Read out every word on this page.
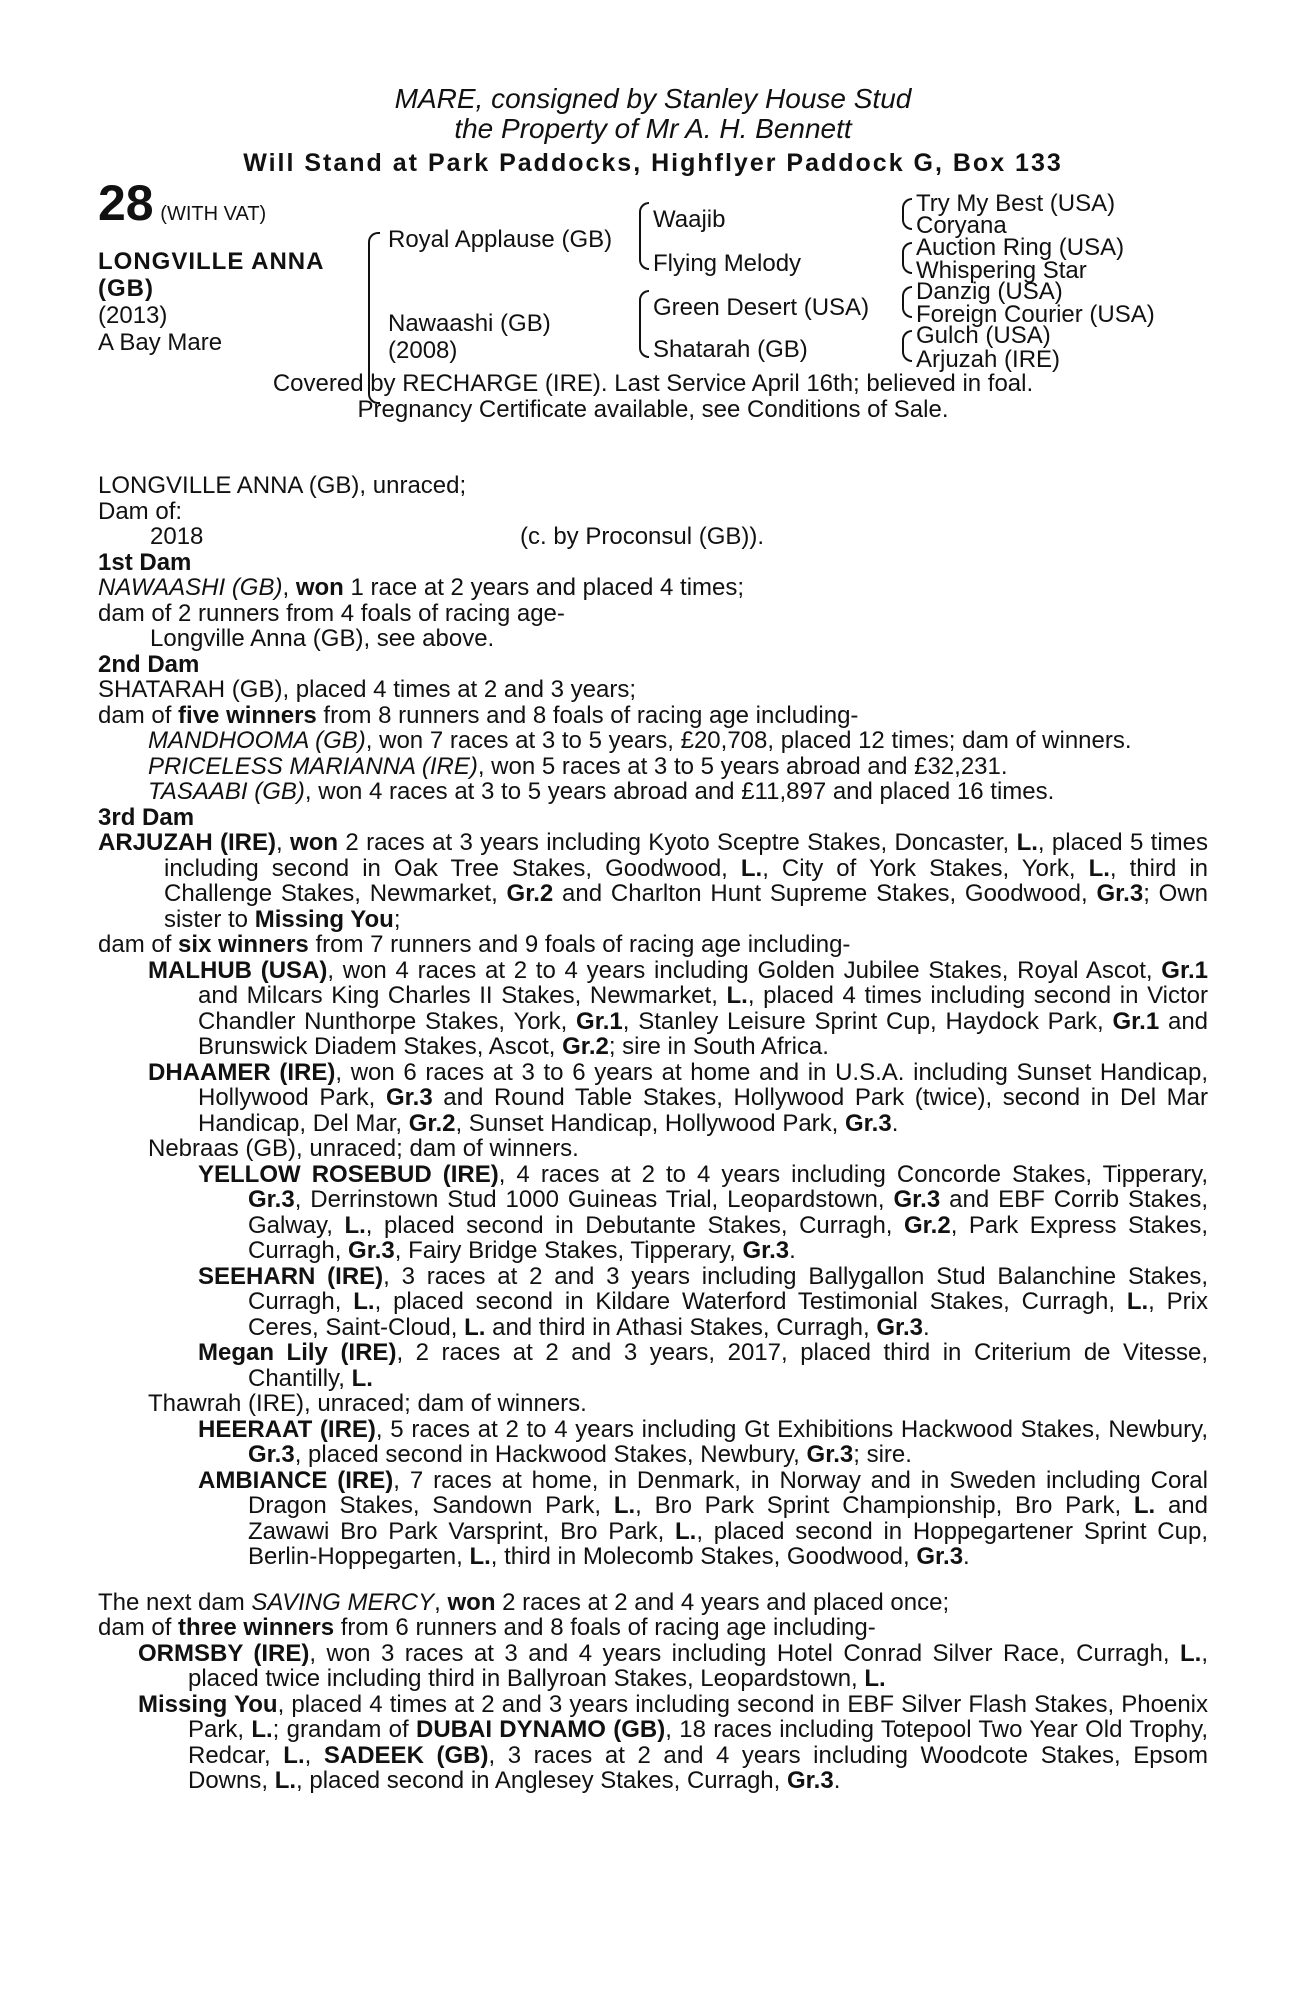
MARE, consigned by Stanley House Stud
the Property of Mr A. H. Bennett
Will Stand at Park Paddocks, Highflyer Paddock G, Box 133
28 (WITH VAT)
LONGVILLE ANNA
(GB)
(2013)
A Bay Mare
Royal Applause (GB)
Nawaashi (GB)
(2008)
Waajib
Flying Melody
Green Desert (USA)
Shatarah (GB)
Try My Best (USA)
Coryana
Auction Ring (USA)
Whispering Star
Danzig (USA)
Foreign Courier (USA)
Gulch (USA)
Arjuzah (IRE)
Covered by RECHARGE (IRE). Last Service April 16th; believed in foal.
Pregnancy Certificate available, see Conditions of Sale.

LONGVILLE ANNA (GB), unraced;

Dam of:

2018	(c. by Proconsul (GB)).

1st Dam

NAWAASHI (GB), won 1 race at 2 years and placed 4 times;

dam of 2 runners from 4 foals of racing age-

Longville Anna (GB), see above.

2nd Dam

SHATARAH (GB), placed 4 times at 2 and 3 years;

dam of five winners from 8 runners and 8 foals of racing age including-

MANDHOOMA (GB), won 7 races at 3 to 5 years, £20,708, placed 12 times; dam of winners.

PRICELESS MARIANNA (IRE), won 5 races at 3 to 5 years abroad and £32,231.

TASAABI (GB), won 4 races at 3 to 5 years abroad and £11,897 and placed 16 times.

3rd Dam

ARJUZAH (IRE), won 2 races at 3 years including Kyoto Sceptre Stakes, Doncaster, L., placed 5 times including second in Oak Tree Stakes, Goodwood, L., City of York Stakes, York, L., third in Challenge Stakes, Newmarket, Gr.2 and Charlton Hunt Supreme Stakes, Goodwood, Gr.3; Own sister to Missing You;

dam of six winners from 7 runners and 9 foals of racing age including-

MALHUB (USA), won 4 races at 2 to 4 years including Golden Jubilee Stakes, Royal Ascot, Gr.1 and Milcars King Charles II Stakes, Newmarket, L., placed 4 times including second in Victor Chandler Nunthorpe Stakes, York, Gr.1, Stanley Leisure Sprint Cup, Haydock Park, Gr.1 and Brunswick Diadem Stakes, Ascot, Gr.2; sire in South Africa.

DHAAMER (IRE), won 6 races at 3 to 6 years at home and in U.S.A. including Sunset Handicap, Hollywood Park, Gr.3 and Round Table Stakes, Hollywood Park (twice), second in Del Mar Handicap, Del Mar, Gr.2, Sunset Handicap, Hollywood Park, Gr.3.

Nebraas (GB), unraced; dam of winners.

YELLOW ROSEBUD (IRE), 4 races at 2 to 4 years including Concorde Stakes, Tipperary, Gr.3, Derrinstown Stud 1000 Guineas Trial, Leopardstown, Gr.3 and EBF Corrib Stakes, Galway, L., placed second in Debutante Stakes, Curragh, Gr.2, Park Express Stakes, Curragh, Gr.3, Fairy Bridge Stakes, Tipperary, Gr.3.

SEEHARN (IRE), 3 races at 2 and 3 years including Ballygallon Stud Balanchine Stakes, Curragh, L., placed second in Kildare Waterford Testimonial Stakes, Curragh, L., Prix Ceres, Saint-Cloud, L. and third in Athasi Stakes, Curragh, Gr.3.

Megan Lily (IRE), 2 races at 2 and 3 years, 2017, placed third in Criterium de Vitesse, Chantilly, L.

Thawrah (IRE), unraced; dam of winners.

HEERAAT (IRE), 5 races at 2 to 4 years including Gt Exhibitions Hackwood Stakes, Newbury, Gr.3, placed second in Hackwood Stakes, Newbury, Gr.3; sire.

AMBIANCE (IRE), 7 races at home, in Denmark, in Norway and in Sweden including Coral Dragon Stakes, Sandown Park, L., Bro Park Sprint Championship, Bro Park, L. and Zawawi Bro Park Varsprint, Bro Park, L., placed second in Hoppegartener Sprint Cup, Berlin-Hoppegarten, L., third in Molecomb Stakes, Goodwood, Gr.3.

The next dam SAVING MERCY, won 2 races at 2 and 4 years and placed once;

dam of three winners from 6 runners and 8 foals of racing age including-

ORMSBY (IRE), won 3 races at 3 and 4 years including Hotel Conrad Silver Race, Curragh, L., placed twice including third in Ballyroan Stakes, Leopardstown, L.

Missing You, placed 4 times at 2 and 3 years including second in EBF Silver Flash Stakes, Phoenix Park, L.; grandam of DUBAI DYNAMO (GB), 18 races including Totepool Two Year Old Trophy, Redcar, L., SADEEK (GB), 3 races at 2 and 4 years including Woodcote Stakes, Epsom Downs, L., placed second in Anglesey Stakes, Curragh, Gr.3.
